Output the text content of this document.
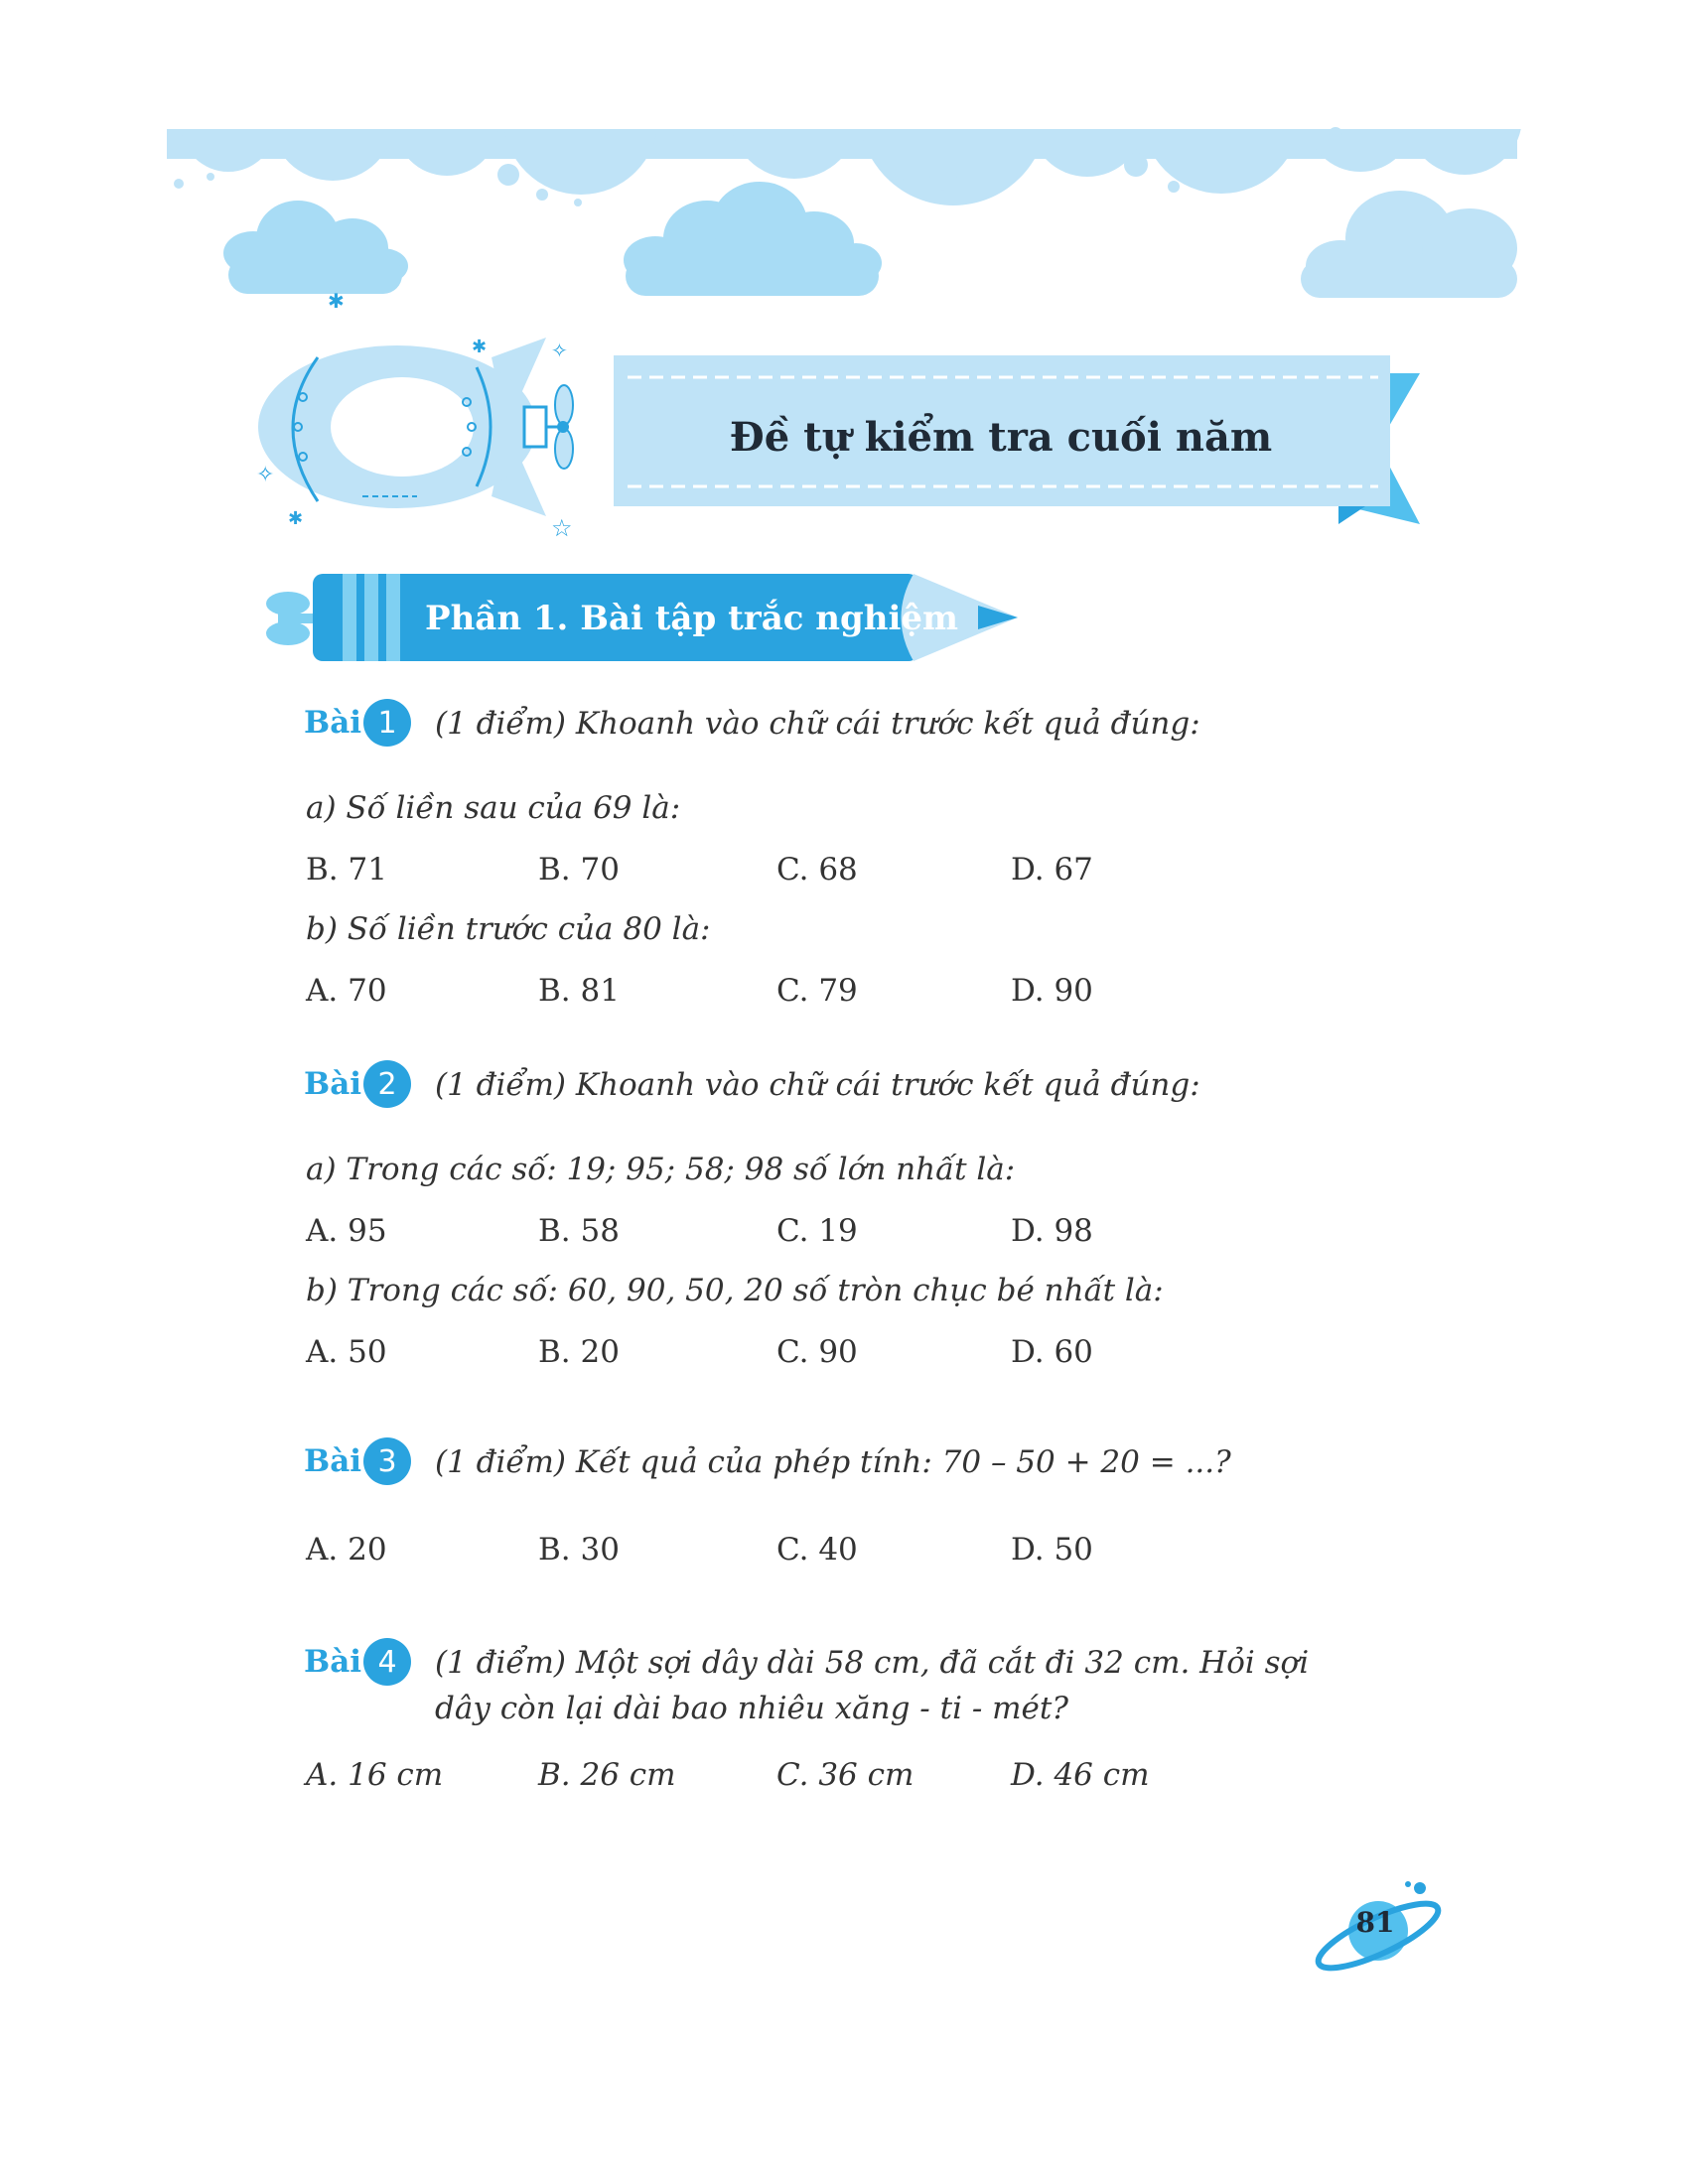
✱
✱	✧
✧
✱	☆
Đề tự kiểm tra cuối năm
Phần 1. Bài tập trắc nghiệm
Bài 1	(1 điểm) Khoanh vào chữ cái trước kết quả đúng:
a) Số liền sau của 69 là:
B. 71	B. 70	C. 68	D. 67
b) Số liền trước của 80 là:
A. 70	B. 81	C. 79	D. 90
Bài 2	(1 điểm) Khoanh vào chữ cái trước kết quả đúng:
a) Trong các số: 19; 95; 58; 98 số lớn nhất là:
A. 95	B. 58	C. 19	D. 98
b) Trong các số: 60, 90, 50, 20 số tròn chục bé nhất là:
A. 50	B. 20	C. 90	D. 60
Bài 3	(1 điểm) Kết quả của phép tính: 70 – 50 + 20 = ...?
A. 20	B. 30	C. 40	D. 50
Bài 4	(1 điểm) Một sợi dây dài 58 cm, đã cắt đi 32 cm. Hỏi sợi dây còn lại dài bao nhiêu xăng - ti - mét?
A. 16 cm	B. 26 cm	C. 36 cm	D. 46 cm
81
